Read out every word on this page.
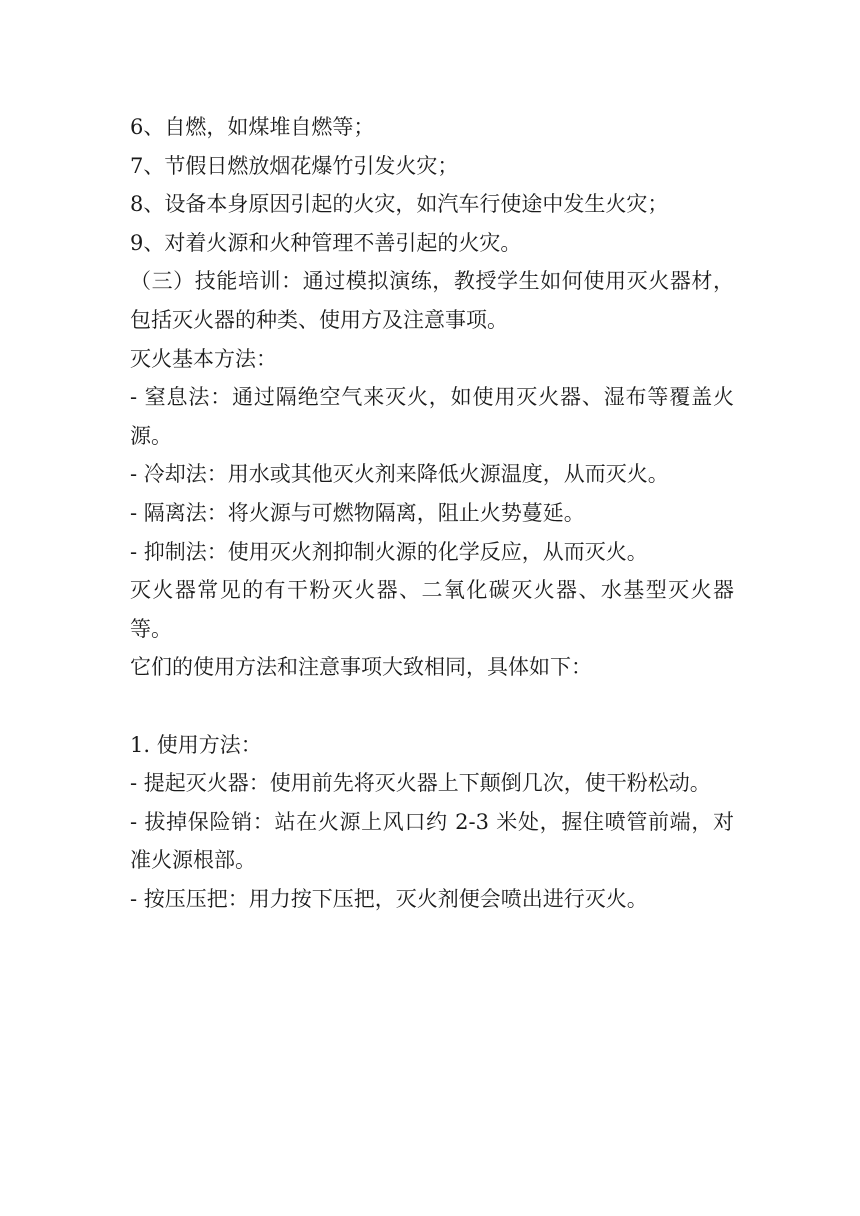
6、自燃，如煤堆自燃等；

7、节假日燃放烟花爆竹引发火灾；

8、设备本身原因引起的火灾，如汽车行使途中发生火灾；

9、对着火源和火种管理不善引起的火灾。

（三）技能培训：通过模拟演练，教授学生如何使用灭火器材，包括灭火器的种类、使用方及注意事项。

灭火基本方法：

- 窒息法：通过隔绝空气来灭火，如使用灭火器、湿布等覆盖火源。

- 冷却法：用水或其他灭火剂来降低火源温度，从而灭火。

- 隔离法：将火源与可燃物隔离，阻止火势蔓延。

- 抑制法：使用灭火剂抑制火源的化学反应，从而灭火。

灭火器常见的有干粉灭火器、二氧化碳灭火器、水基型灭火器等。

它们的使用方法和注意事项大致相同，具体如下：

1. 使用方法：

- 提起灭火器：使用前先将灭火器上下颠倒几次，使干粉松动。

- 拔掉保险销：站在火源上风口约 2-3 米处，握住喷管前端，对准火源根部。

- 按压压把：用力按下压把，灭火剂便会喷出进行灭火。
